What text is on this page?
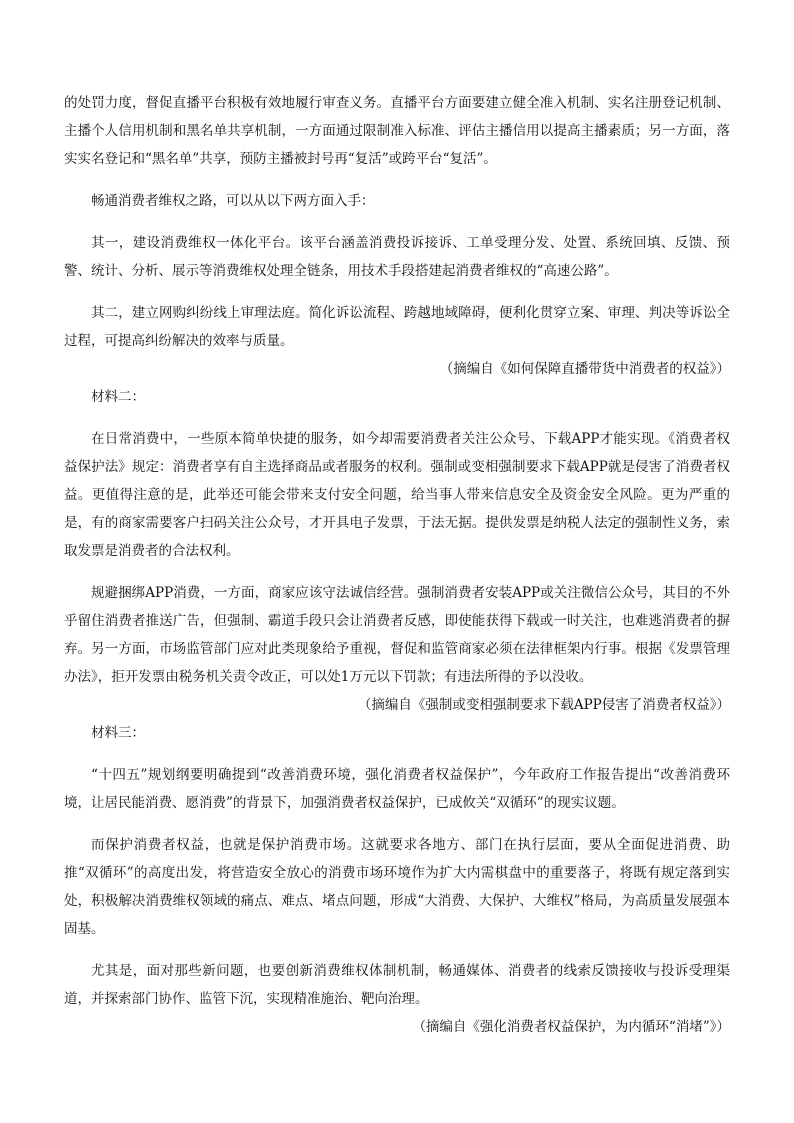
的处罚力度，督促直播平台积极有效地履行审查义务。直播平台方面要建立健全准入机制、实名注册登记机制、主播个人信用机制和黑名单共享机制，一方面通过限制准入标准、评估主播信用以提高主播素质；另一方面，落实实名登记和“黑名单”共享，预防主播被封号再“复活”或跨平台“复活”。

畅通消费者维权之路，可以从以下两方面入手：

其一，建设消费维权一体化平台。该平台涵盖消费投诉接诉、工单受理分发、处置、系统回填、反馈、预警、统计、分析、展示等消费维权处理全链条，用技术手段搭建起消费者维权的“高速公路”。

其二，建立网购纠纷线上审理法庭。简化诉讼流程、跨越地域障碍，便利化贯穿立案、审理、判决等诉讼全过程，可提高纠纷解决的效率与质量。

（摘编自《如何保障直播带货中消费者的权益》）

材料二：

在日常消费中，一些原本简单快捷的服务，如今却需要消费者关注公众号、下载APP才能实现。《消费者权益保护法》规定：消费者享有自主选择商品或者服务的权利。强制或变相强制要求下载APP就是侵害了消费者权益。更值得注意的是，此举还可能会带来支付安全问题，给当事人带来信息安全及资金安全风险。更为严重的是，有的商家需要客户扫码关注公众号，才开具电子发票，于法无据。提供发票是纳税人法定的强制性义务，索取发票是消费者的合法权利。

规避捆绑APP消费，一方面，商家应该守法诚信经营。强制消费者安装APP或关注微信公众号，其目的不外乎留住消费者推送广告，但强制、霸道手段只会让消费者反感，即使能获得下载或一时关注，也难逃消费者的摒弃。另一方面，市场监管部门应对此类现象给予重视，督促和监管商家必须在法律框架内行事。根据《发票管理办法》，拒开发票由税务机关责令改正，可以处1万元以下罚款；有违法所得的予以没收。

（摘编自《强制或变相强制要求下载APP侵害了消费者权益》）

材料三：

“十四五”规划纲要明确提到“改善消费环境，强化消费者权益保护”，今年政府工作报告提出“改善消费环境，让居民能消费、愿消费”的背景下，加强消费者权益保护，已成攸关“双循环”的现实议题。

而保护消费者权益，也就是保护消费市场。这就要求各地方、部门在执行层面，要从全面促进消费、助推“双循环”的高度出发，将营造安全放心的消费市场环境作为扩大内需棋盘中的重要落子，将既有规定落到实处，积极解决消费维权领域的痛点、难点、堵点问题，形成“大消费、大保护、大维权”格局，为高质量发展强本固基。

尤其是，面对那些新问题，也要创新消费维权体制机制，畅通媒体、消费者的线索反馈接收与投诉受理渠道，并探索部门协作、监管下沉，实现精准施治、靶向治理。

（摘编自《强化消费者权益保护，为内循环“消堵”》）
